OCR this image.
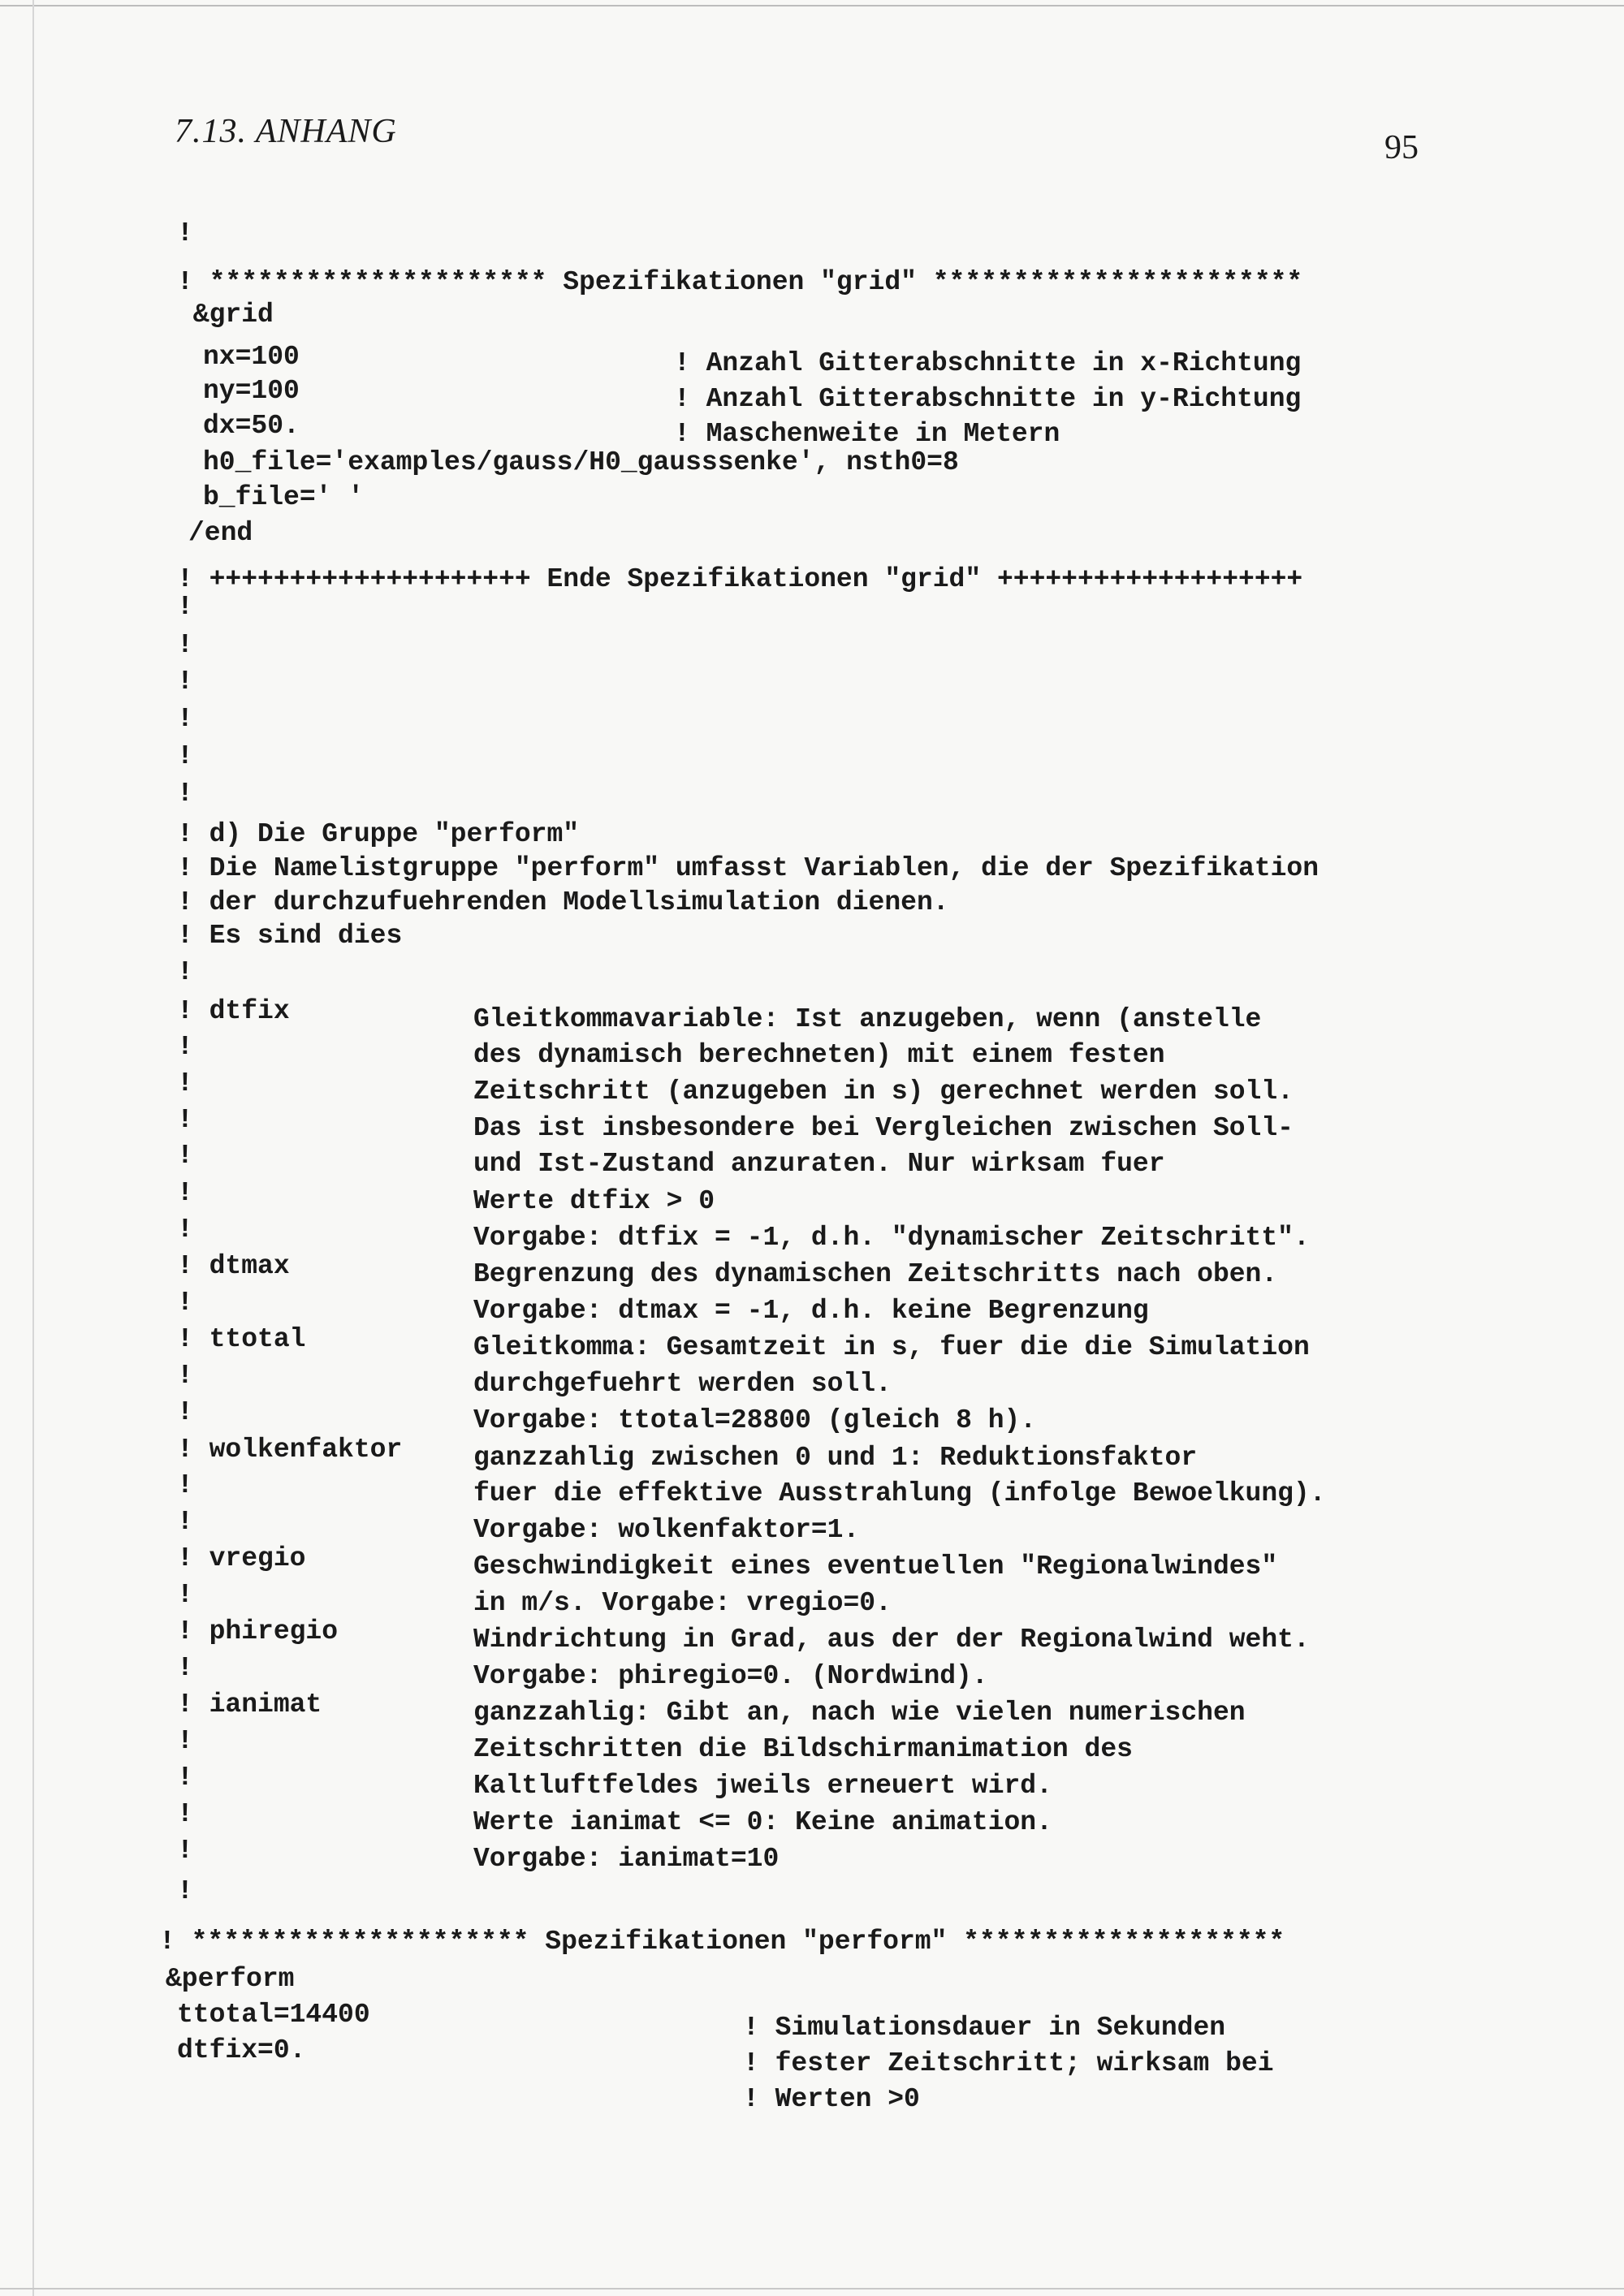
7.13. ANHANG	95
!
! ********************* Spezifikationen "grid" ***********************
&grid
nx=100	! Anzahl Gitterabschnitte in x-Richtung
ny=100	! Anzahl Gitterabschnitte in y-Richtung
dx=50.	! Maschenweite in Metern
h0_file='examples/gauss/H0_gausssenke', nsth0=8
b_file=' '
/end
! ++++++++++++++++++++ Ende Spezifikationen "grid" +++++++++++++++++++
!
!
!
!
!
!
! d) Die Gruppe "perform"
! Die Namelistgruppe "perform" umfasst Variablen, die der Spezifikation
! der durchzufuehrenden Modellsimulation dienen.
! Es sind dies
!
! dtfix	Gleitkommavariable: Ist anzugeben, wenn (anstelle
!	des dynamisch berechneten) mit einem festen
!	Zeitschritt (anzugeben in s) gerechnet werden soll.
!	Das ist insbesondere bei Vergleichen zwischen Soll-
!	und Ist-Zustand anzuraten. Nur wirksam fuer
!	Werte dtfix > 0
!	Vorgabe: dtfix = -1, d.h. "dynamischer Zeitschritt".
! dtmax	Begrenzung des dynamischen Zeitschritts nach oben.
!	Vorgabe: dtmax = -1, d.h. keine Begrenzung
! ttotal	Gleitkomma: Gesamtzeit in s, fuer die die Simulation
!	durchgefuehrt werden soll.
!	Vorgabe: ttotal=28800 (gleich 8 h).
! wolkenfaktor	ganzzahlig zwischen 0 und 1: Reduktionsfaktor
!	fuer die effektive Ausstrahlung (infolge Bewoelkung).
!	Vorgabe: wolkenfaktor=1.
! vregio	Geschwindigkeit eines eventuellen "Regionalwindes"
!	in m/s. Vorgabe: vregio=0.
! phiregio	Windrichtung in Grad, aus der der Regionalwind weht.
!	Vorgabe: phiregio=0. (Nordwind).
! ianimat	ganzzahlig: Gibt an, nach wie vielen numerischen
!	Zeitschritten die Bildschirmanimation des
!	Kaltluftfeldes jweils erneuert wird.
!	Werte ianimat <= 0: Keine animation.
!	Vorgabe: ianimat=10
!
! ********************* Spezifikationen "perform" ********************
&perform
ttotal=14400	! Simulationsdauer in Sekunden
dtfix=0.	! fester Zeitschritt; wirksam bei
! Werten >0
